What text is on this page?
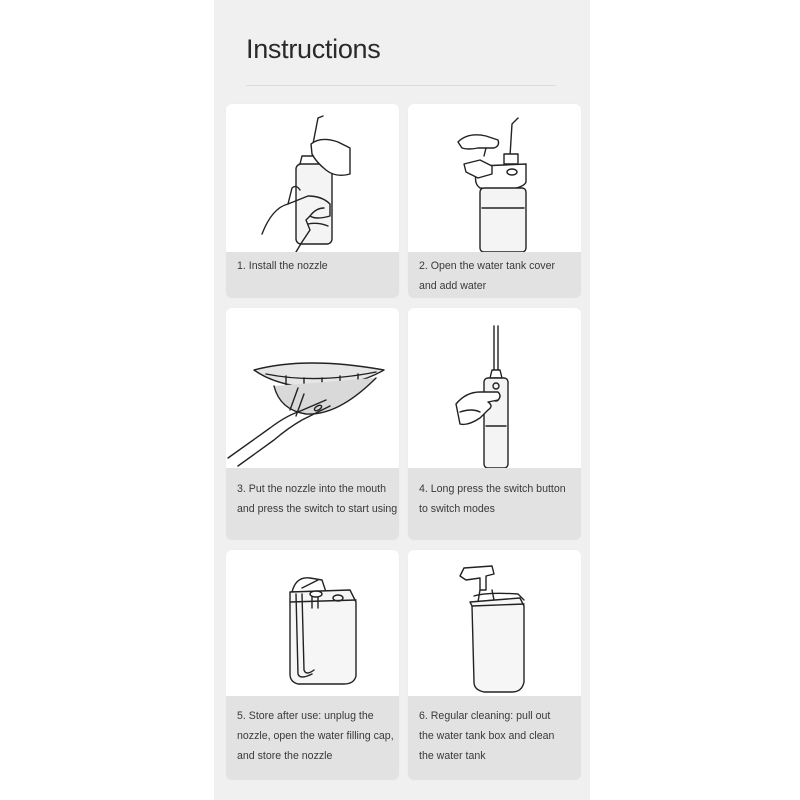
Instructions
1. Install the nozzle	2. Open the water tank cover
and add water
3. Put the nozzle into the mouth
and press the switch to start using
4. Long press the switch button
to switch modes
5. Store after use: unplug the
nozzle, open the water filling cap,
and store the nozzle
6. Regular cleaning: pull out
the water tank box and clean
the water tank
